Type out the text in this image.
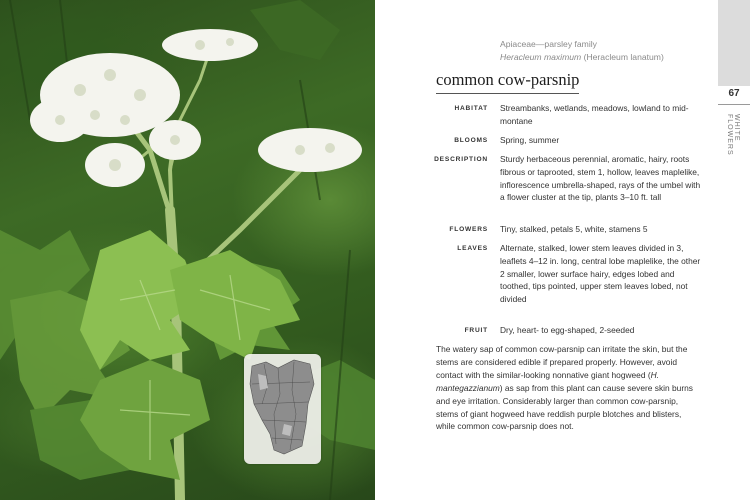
67
WHITE FLOWERS
Apiaceae—parsley family
Heracleum maximum (Heracleum lanatum)
common cow-parsnip
HABITAT Streambanks, wetlands, meadows, lowland to mid-montane
BLOOMS Spring, summer
DESCRIPTION Sturdy herbaceous perennial, aromatic, hairy, roots fibrous or taprooted, stem 1, hollow, leaves maplelike, inflorescence umbrella-shaped, rays of the umbel with a flower cluster at the tip, plants 3–10 ft. tall
FLOWERS Tiny, stalked, petals 5, white, stamens 5
LEAVES Alternate, stalked, lower stem leaves divided in 3, leaflets 4–12 in. long, central lobe maplelike, the other 2 smaller, lower surface hairy, edges lobed and toothed, tips pointed, upper stem leaves lobed, not divided
FRUIT Dry, heart- to egg-shaped, 2-seeded
The watery sap of common cow-parsnip can irritate the skin, but the stems are considered edible if prepared properly. However, avoid contact with the similar-looking nonnative giant hogweed (H. mantegazzianum) as sap from this plant can cause severe skin burns and eye irritation. Considerably larger than common cow-parsnip, stems of giant hogweed have reddish purple blotches and blisters, while common cow-parsnip does not.
